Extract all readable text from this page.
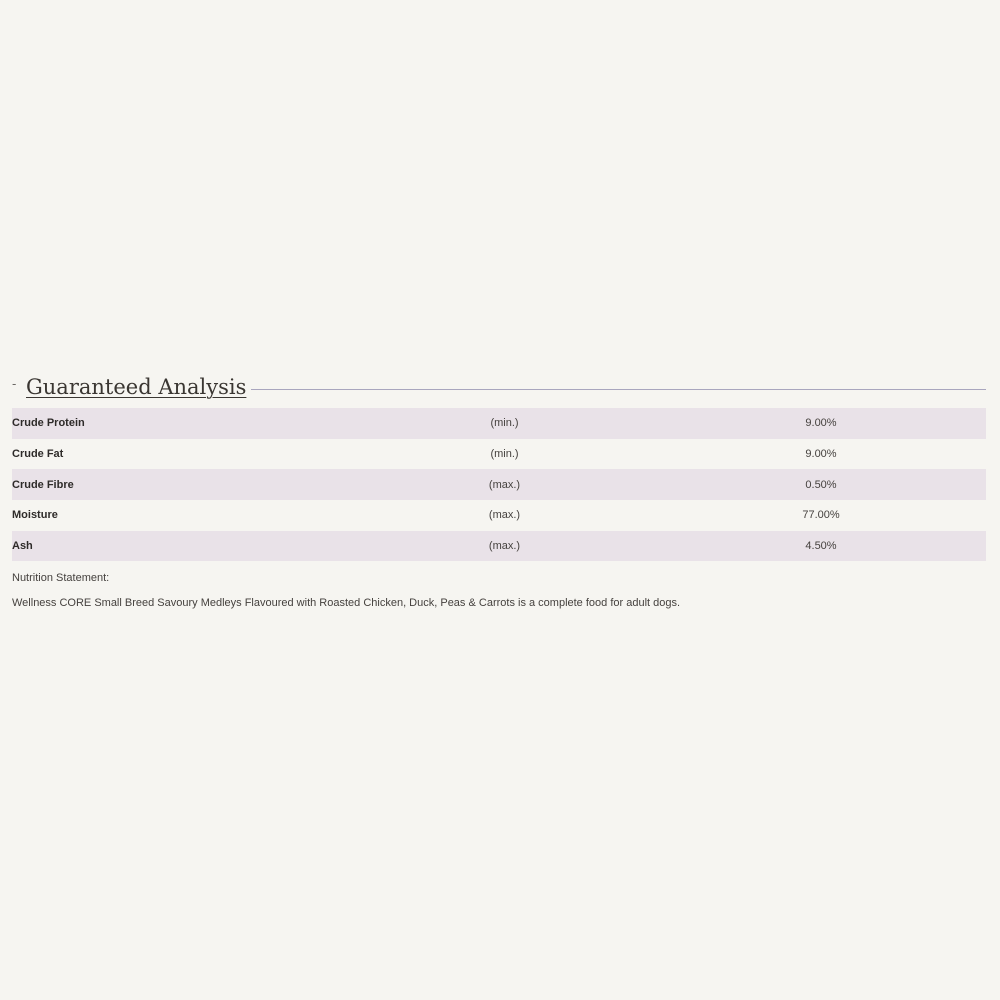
- Guaranteed Analysis
Crude Protein	(min.)	9.00%
Crude Fat	(min.)	9.00%
Crude Fibre	(max.)	0.50%
Moisture	(max.)	77.00%
Ash	(max.)	4.50%
Nutrition Statement:
Wellness CORE Small Breed Savoury Medleys Flavoured with Roasted Chicken, Duck, Peas & Carrots is a complete food for adult dogs.
